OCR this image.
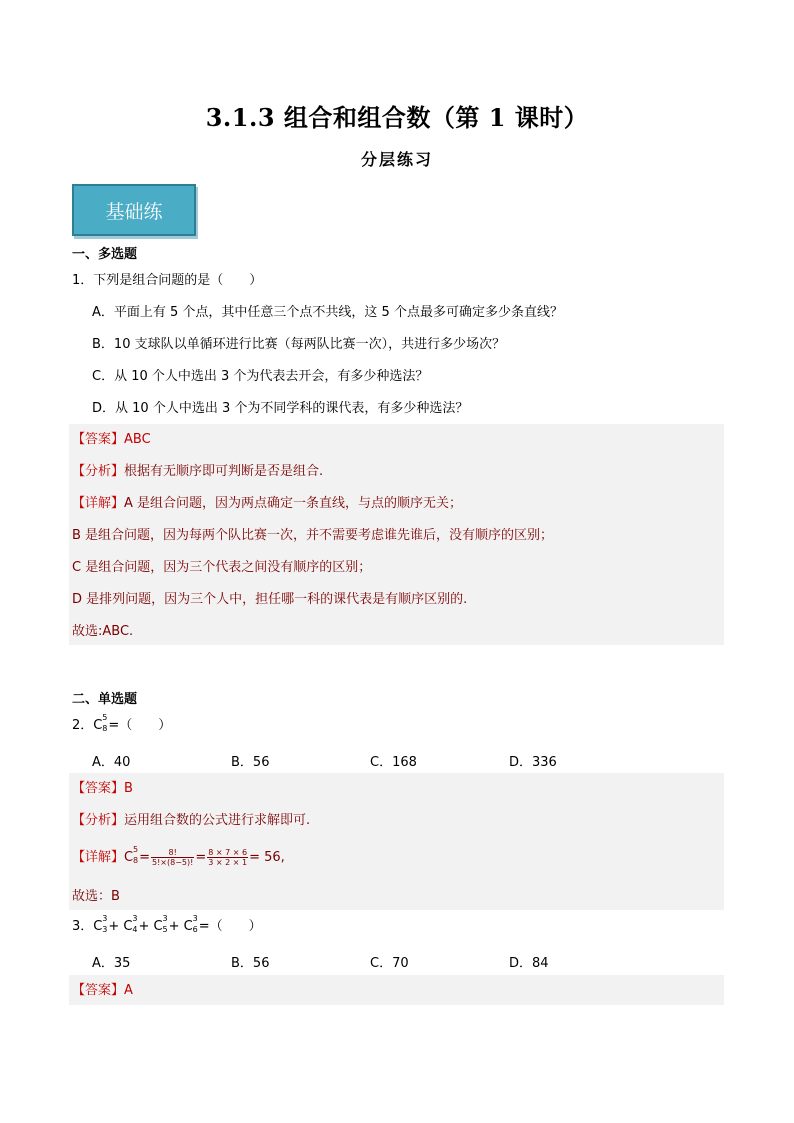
3.1.3 组合和组合数（第 1 课时）
分层练习
基础练
一、多选题
1．下列是组合问题的是（　　）
A．平面上有 5 个点，其中任意三个点不共线，这 5 个点最多可确定多少条直线？
B．10 支球队以单循环进行比赛（每两队比赛一次），共进行多少场次？
C．从 10 个人中选出 3 个为代表去开会，有多少种选法？
D．从 10 个人中选出 3 个为不同学科的课代表，有多少种选法？
【答案】ABC
【分析】根据有无顺序即可判断是否是组合.
【详解】A 是组合问题，因为两点确定一条直线，与点的顺序无关；
B 是组合问题，因为每两个队比赛一次，并不需要考虑谁先谁后，没有顺序的区别；
C 是组合问题，因为三个代表之间没有顺序的区别；
D 是排列问题，因为三个人中，担任哪一科的课代表是有顺序区别的.
故选:ABC.
二、单选题
2．C
5
8 =（　　）
A．40	B．56	C．168	D．336
【答案】B
【分析】运用组合数的公式进行求解即可.
【详解】C
5
$8 = \frac{8!}{5!\times(8-5)!} = \frac{8 \times 7 \times 6}{3 \times 2 \times 1} = 56$,
故选：B
3．C
3
3 + C
3
4 + C
3
5 + C
3
6 =（　　）
A．35	B．56	C．70	D．84
【答案】A
